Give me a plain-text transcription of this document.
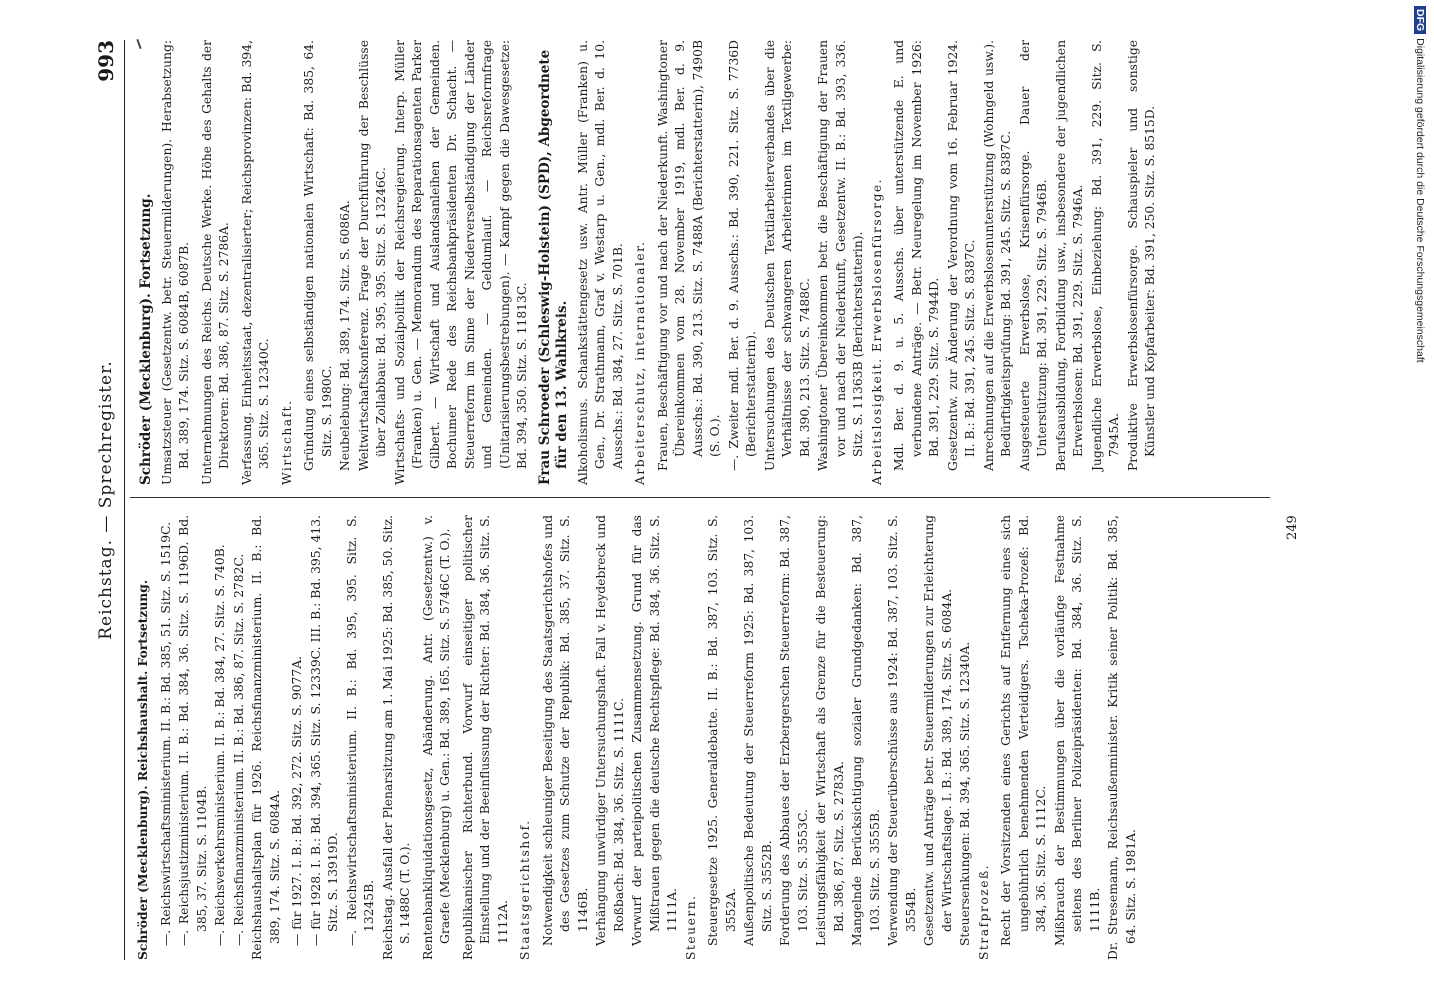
DFGDigitalisierung gefördert durch die Deutsche Forschungsgemeinschaft
Reichstag. — Sprechregister.
993

Schröder (Mecklenburg). Reichshaushalt. Fortsetzung. —. Reichswirtschaftsministerium. II. B.: Bd. 385, 51. Sitz. S. 1519C. —. Reichsjustizministerium. II. B.: Bd. 384, 36. Sitz. S. 1196D. Bd. 385, 37. Sitz. S. 1104B. —. Reichsverkehrsministerium. II. B.: Bd. 384, 27. Sitz. S. 740B. —. Reichsfinanzministerium. II. B.: Bd. 386, 87. Sitz. S. 2782C. Reichshaushaltsplan für 1926. Reichsfinanzministerium. II. B.: Bd. 389, 174. Sitz. S. 6084A. — für 1927. I. B.: Bd. 392, 272. Sitz. S. 9077A. — für 1928. I. B.: Bd. 394, 365. Sitz. S. 12339C. III. B.: Bd. 395, 413. Sitz. S. 13919D. —. Reichswirtschaftsministerium. II. B.: Bd. 395, 395. Sitz. S. 13245B. Reichstag. Ausfall der Plenarsitzung am 1. Mai 1925: Bd. 385, 50. Sitz. S. 1488C (T. O.). Rentenbankliquidationsgesetz, Abänderung. Antr. (Gesetzentw.) v. Graefe (Mecklenburg) u. Gen.: Bd. 389, 165. Sitz. S. 5746C (T. O.). Republikanischer Richterbund. Vorwurf einseitiger politischer Einstellung und der Beeinflussung der Richter: Bd. 384, 36. Sitz. S. 1112A. Staatsgerichtshof. Notwendigkeit schleuniger Beseitigung des Staatsgerichtshofes und des Gesetzes zum Schutze der Republik: Bd. 385, 37. Sitz. S. 1146B. Verhängung unwürdiger Untersuchungshaft. Fall v. Heydebreck und Roßbach: Bd. 384, 36. Sitz. S. 1111C. Vorwurf der parteipolitischen Zusammensetzung. Grund für das Mißtrauen gegen die deutsche Rechtspflege: Bd. 384, 36. Sitz. S. 1111A. Steuern. Steuergesetze 1925. Generaldebatte. II. B.: Bd. 387, 103. Sitz. S. 3552A. Außenpolitische Bedeutung der Steuerreform 1925: Bd. 387, 103. Sitz. S. 3552B. Forderung des Abbaues der Erzbergerschen Steuerreform: Bd. 387, 103. Sitz. S. 3553C. Leistungsfähigkeit der Wirtschaft als Grenze für die Besteuerung: Bd. 386, 87. Sitz. S. 2783A. Mangelnde Berücksichtigung sozialer Grundgedanken: Bd. 387, 103. Sitz. S. 3555B. Verwendung der Steuerüberschüsse aus 1924: Bd. 387, 103. Sitz. S. 3554B. Gesetzentw. und Anträge betr. Steuermilderungen zur Erleichterung der Wirtschaftslage. I. B.: Bd. 389, 174. Sitz. S. 6084A. Steuersenkungen: Bd. 394, 365. Sitz. S. 12340A. Strafprozeß. Recht der Vorsitzenden eines Gerichts auf Entfernung eines sich ungebührlich benehmenden Verteidigers. Tscheka-Prozeß: Bd. 384, 36. Sitz. S. 1112C. Mißbrauch der Bestimmungen über die vorläufige Festnahme seitens des Berliner Polizeipräsidenten: Bd. 384, 36. Sitz. S. 1111B. Dr. Stresemann, Reichsaußenminister. Kritik seiner Politik: Bd. 385, 64. Sitz. S. 1981A.

Schröder (Mecklenburg). Fortsetzung. Umsatzsteuer (Gesetzentw. betr. Steuermilderungen). Herabsetzung: Bd. 389, 174. Sitz. S. 6084B, 6087B. Unternehmungen des Reichs. Deutsche Werke. Höhe des Gehalts der Direktoren: Bd. 386, 87. Sitz. S. 2786A. Verfassung. Einheitsstaat, dezentralisierter; Reichsprovinzen: Bd. 394, 365. Sitz. S. 12340C. Wirtschaft. Gründung eines selbständigen nationalen Wirtschaft: Bd. 385, 64. Sitz. S. 1980C. Neubelebung: Bd. 389, 174. Sitz. S. 6086A. Weltwirtschaftskonferenz. Frage der Durchführung der Beschlüsse über Zollabbau: Bd. 395, 395. Sitz. S. 13246C. Wirtschafts- und Sozialpolitik der Reichsregierung. Interp. Müller (Franken) u. Gen. — Memorandum des Reparationsagenten Parker Gilbert. — Wirtschaft und Auslandsanleihen der Gemeinden. Bochumer Rede des Reichsbankpräsidenten Dr. Schacht. — Steuerreform im Sinne der Niederverselbständigung der Länder und Gemeinden. — Geldumlauf. — Reichsreformfrage (Unitarisierungsbestrebungen). — Kampf gegen die Dawesgesetze: Bd. 394, 350. Sitz. S. 11813C. Frau Schroeder (Schleswig-Holstein) (SPD), Abgeordnete für den 13. Wahlkreis. Alkoholismus. Schankstättengesetz usw. Antr. Müller (Franken) u. Gen., Dr. Strathmann, Graf v. Westarp u. Gen., mdl. Ber. d. 10. Ausschs.: Bd. 384, 27. Sitz. S. 701B. Arbeiterschutz, internationaler. Frauen, Beschäftigung vor und nach der Niederkunft. Washingtoner Übereinkommen vom 28. November 1919, mdl. Ber. d. 9. Ausschs.: Bd. 390, 213. Sitz. S. 7488A (Berichterstatterin), 7490B (S. O.). —. Zweiter mdl. Ber. d. 9. Ausschs.: Bd. 390, 221. Sitz. S. 7736D (Berichterstatterin). Untersuchungen des Deutschen Textilarbeiterverbandes über die Verhältnisse der schwangeren Arbeiterinnen im Textilgewerbe: Bd. 390, 213. Sitz. S. 7488C. Washingtoner Übereinkommen betr. die Beschäftigung der Frauen vor und nach der Niederkunft, Gesetzentw. II. B.: Bd. 393, 336. Sitz. S. 11363B (Berichterstatterin). Arbeitslosigkeit. Erwerbslosenfürsorge. Mdl. Ber. d. 9. u. 5. Ausschs. über unterstützende E. und verbundene Anträge. — Betr. Neuregelung im November 1926: Bd. 391, 229. Sitz. S. 7944D. Gesetzentw. zur Änderung der Verordnung vom 16. Februar 1924. II. B.: Bd. 391, 245. Sitz. S. 8387C. Anrechnungen auf die Erwerbslosenunterstützung (Wohngeld usw.). Bedürftigkeitsprüfung: Bd. 391, 245. Sitz. S. 8387C. Ausgesteuerte Erwerbslose, Krisenfürsorge. Dauer der Unterstützung: Bd. 391, 229. Sitz. S. 7946B. Berufsausbildung, Fortbildung usw., insbesondere der jugendlichen Erwerbslosen: Bd. 391, 229. Sitz. S. 7946A. Jugendliche Erwerbslose, Einbeziehung: Bd. 391, 229. Sitz. S. 7945A. Produktive Erwerbslosenfürsorge. Schauspieler und sonstige Künstler und Kopfarbeiter: Bd. 391, 250. Sitz. S. 8515D.

249
